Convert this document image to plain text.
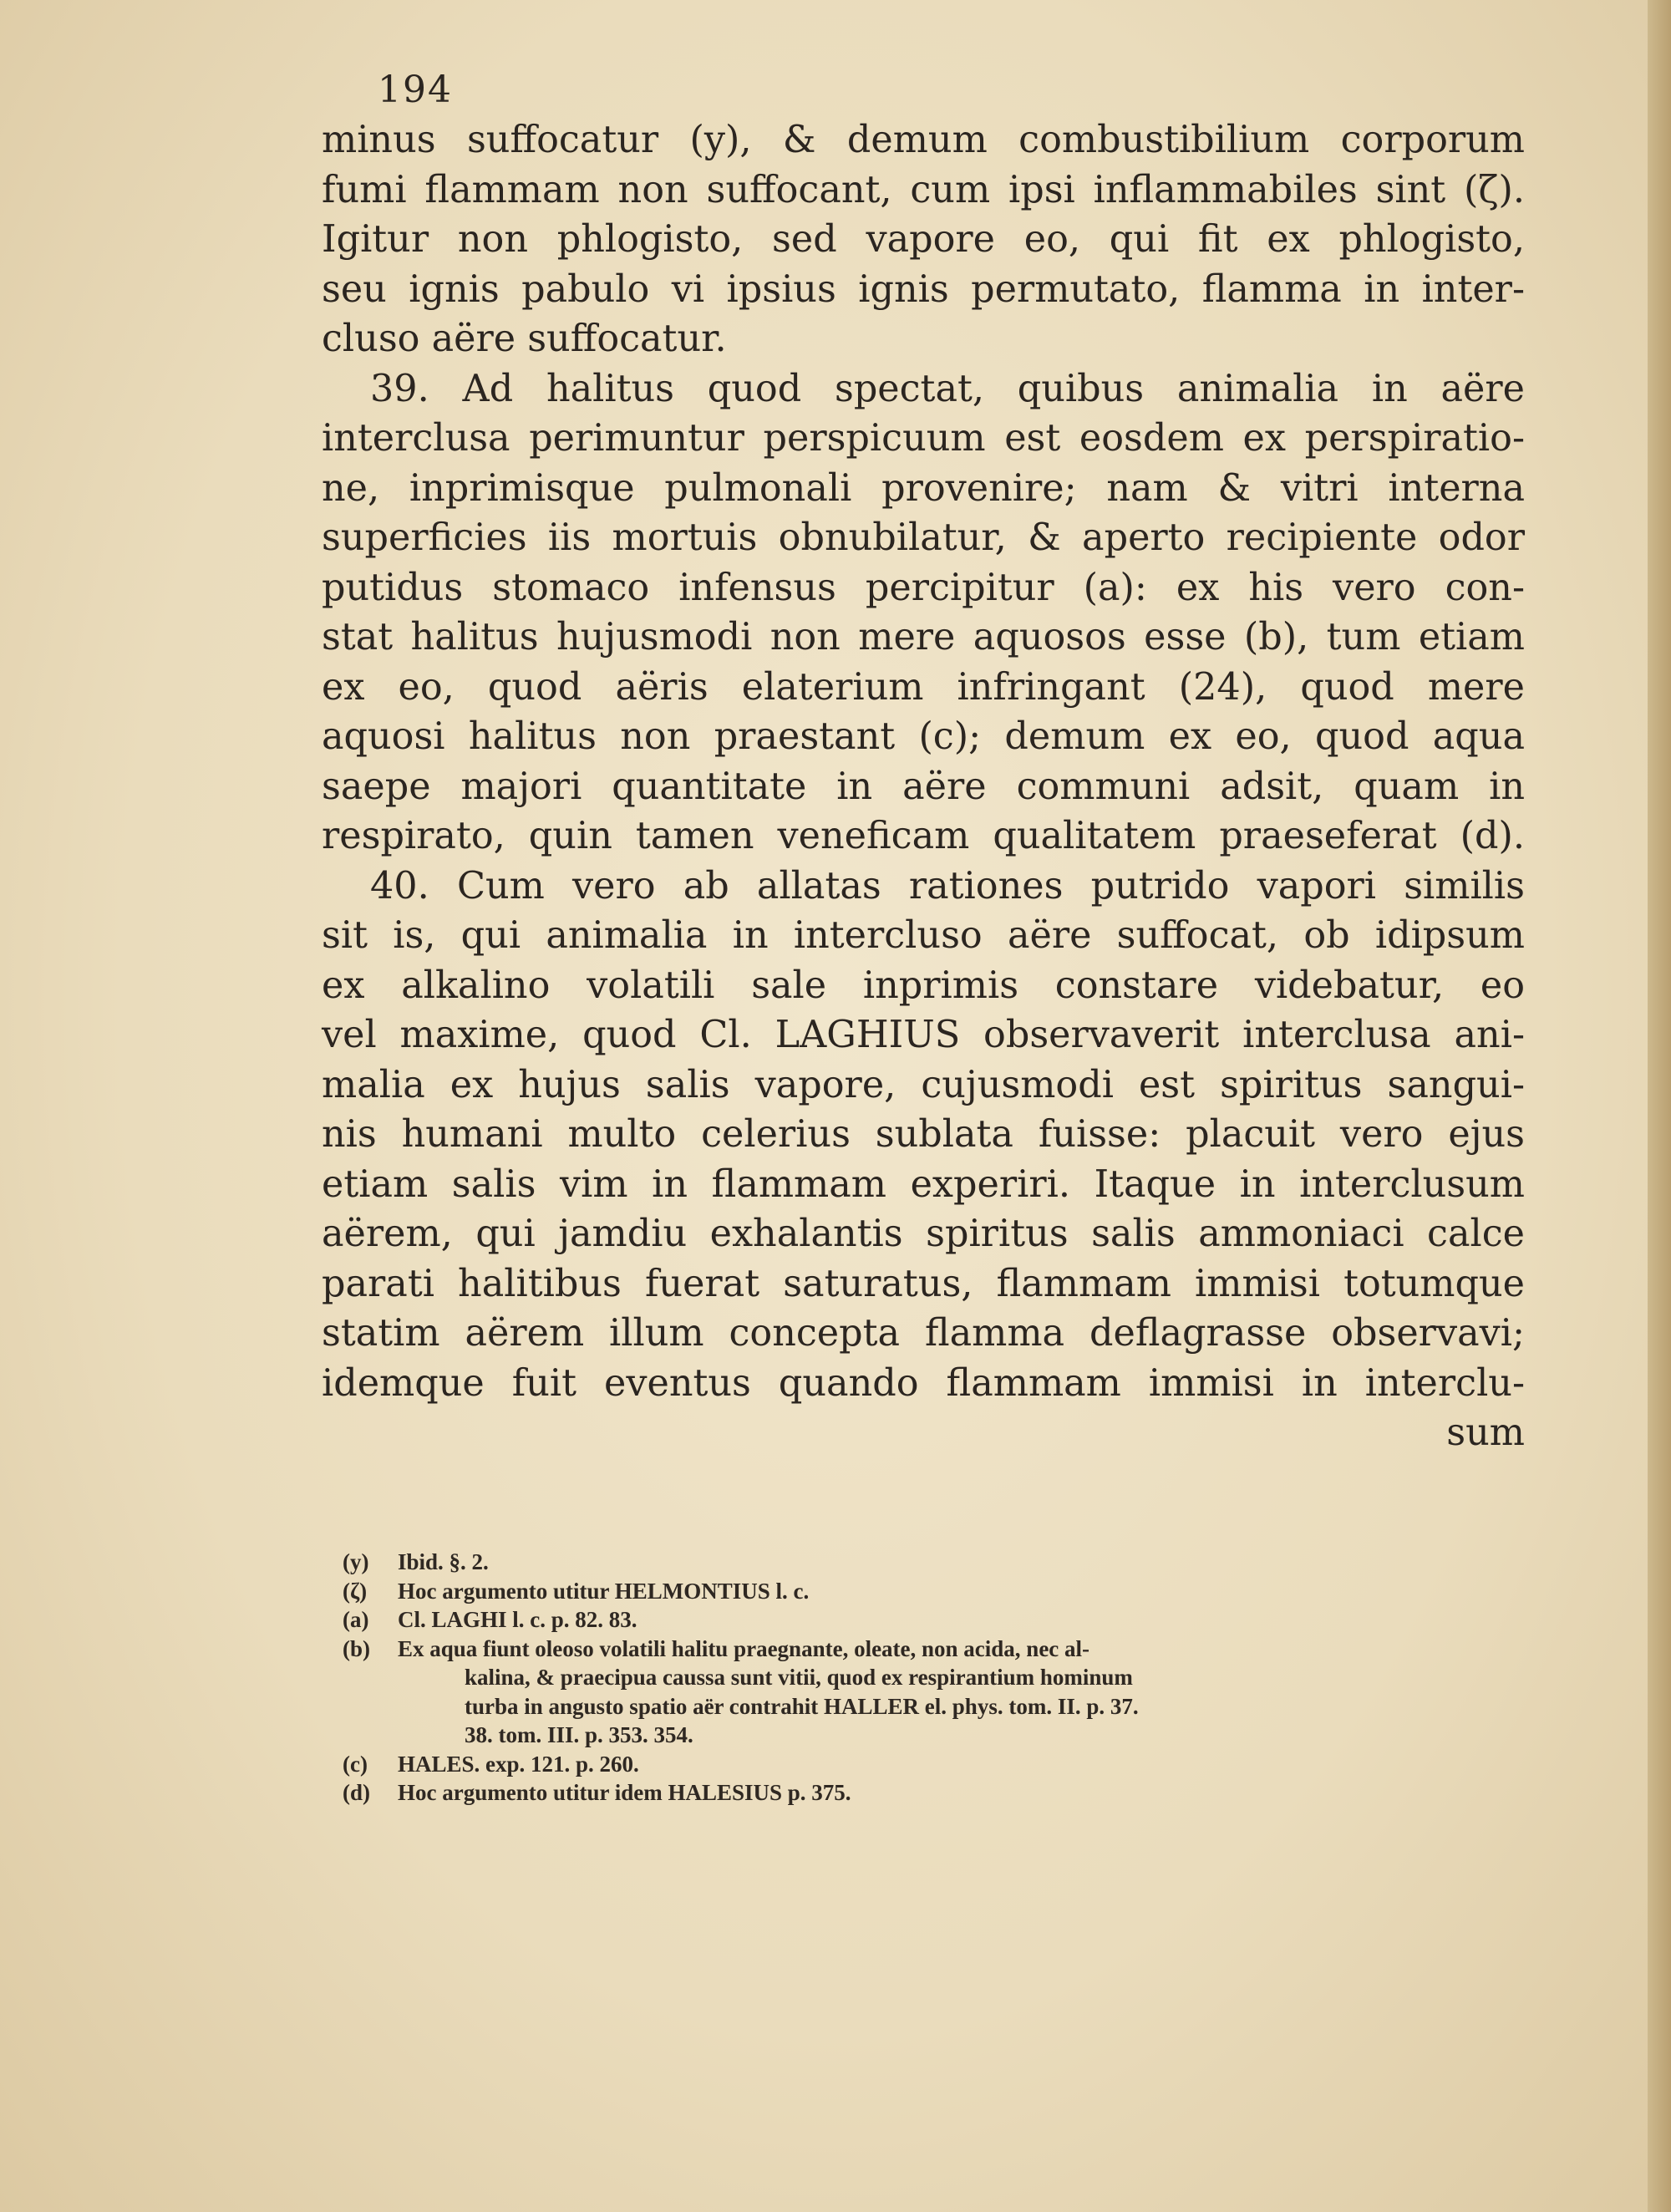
194
minus suffocatur (y), & demum combustibilium corporum
fumi flammam non suffocant, cum ipsi inflammabiles sint (ζ).
Igitur non phlogisto, sed vapore eo, qui fit ex phlogisto,
seu ignis pabulo vi ipsius ignis permutato, flamma in inter-
cluso aëre suffocatur.
39. Ad halitus quod spectat, quibus animalia in aëre
interclusa perimuntur perspicuum est eosdem ex perspiratio-
ne, inprimisque pulmonali provenire; nam & vitri interna
superficies iis mortuis obnubilatur, & aperto recipiente odor
putidus stomaco infensus percipitur (a): ex his vero con-
stat halitus hujusmodi non mere aquosos esse (b), tum etiam
ex eo, quod aëris elaterium infringant (24), quod mere
aquosi halitus non praestant (c); demum ex eo, quod aqua
saepe majori quantitate in aëre communi adsit, quam in
respirato, quin tamen veneficam qualitatem praeseferat (d).
40. Cum vero ab allatas rationes putrido vapori similis
sit is, qui animalia in intercluso aëre suffocat, ob idipsum
ex alkalino volatili sale inprimis constare videbatur, eo
vel maxime, quod Cl. LAGHIUS observaverit interclusa ani-
malia ex hujus salis vapore, cujusmodi est spiritus sangui-
nis humani multo celerius sublata fuisse: placuit vero ejus
etiam salis vim in flammam experiri. Itaque in interclusum
aërem, qui jamdiu exhalantis spiritus salis ammoniaci calce
parati halitibus fuerat saturatus, flammam immisi totumque
statim aërem illum concepta flamma deflagrasse observavi;
idemque fuit eventus quando flammam immisi in interclu-
sum
(y)	Ibid. §. 2.
(ζ)	Hoc argumento utitur HELMONTIUS l. c.
(a)	Cl. LAGHI l. c. p. 82. 83.
(b)	Ex aqua fiunt oleoso volatili halitu praegnante, oleate, non acida, nec al-
kalina, & praecipua caussa sunt vitii, quod ex respirantium hominum
turba in angusto spatio aër contrahit HALLER el. phys. tom. II. p. 37.
38. tom. III. p. 353. 354.
(c)	HALES. exp. 121. p. 260.
(d)	Hoc argumento utitur idem HALESIUS p. 375.
